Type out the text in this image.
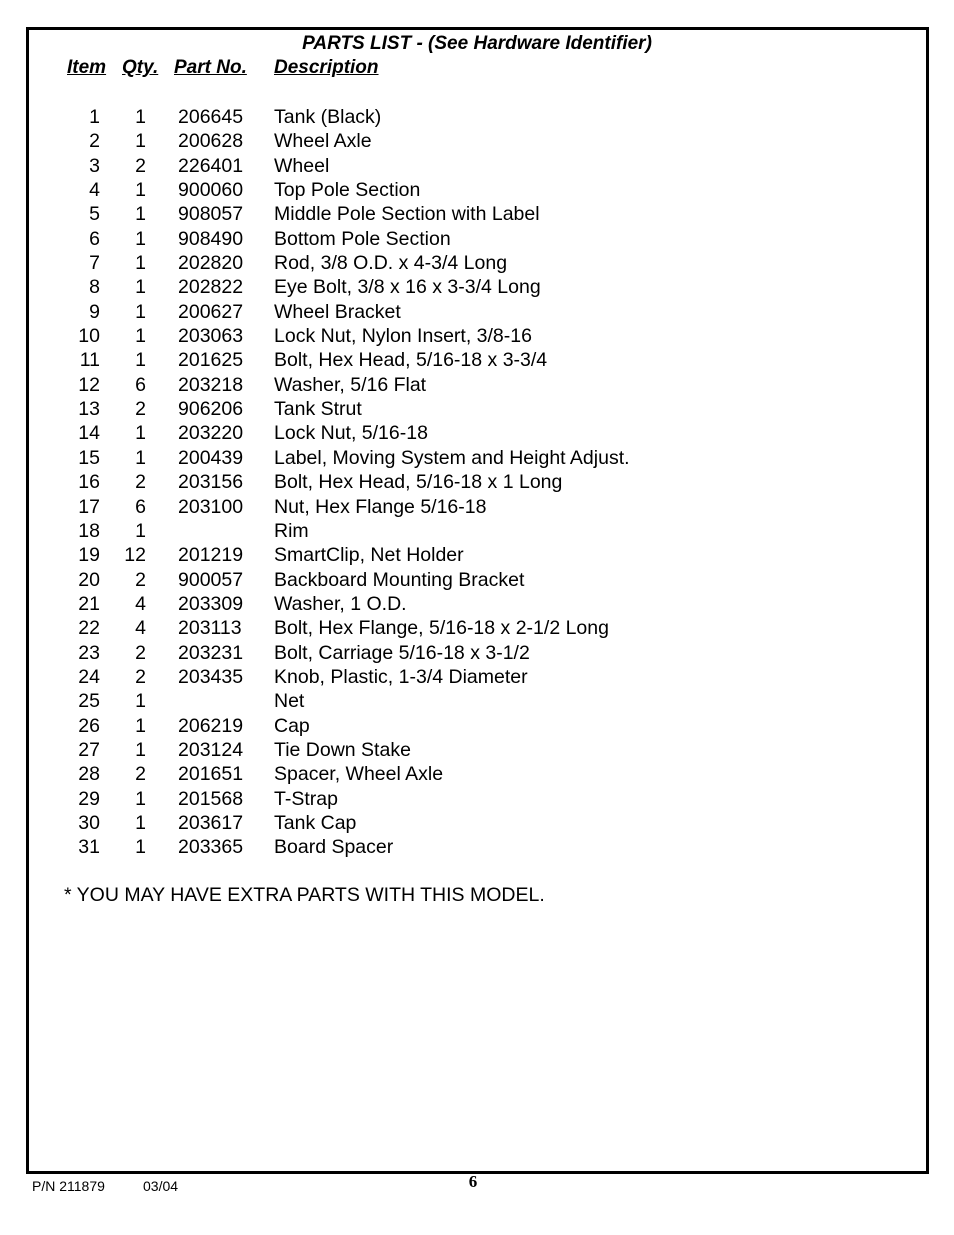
PARTS LIST - (See Hardware Identifier)
Item Qty. Part No. Description
1	1 206645	Tank (Black)
2	1 200628	Wheel Axle
3	2 226401	Wheel
4	1 900060	Top Pole Section
5	1 908057	Middle Pole Section with Label
6	1 908490	Bottom Pole Section
7	1 202820	Rod, 3/8 O.D. x 4-3/4 Long
8	1 202822	Eye Bolt, 3/8 x 16 x 3-3/4 Long
9	1 200627	Wheel Bracket
10	1 203063	Lock Nut, Nylon Insert, 3/8-16
11	1 201625	Bolt, Hex Head, 5/16-18 x 3-3/4
12	6 203218	Washer, 5/16 Flat
13	2 906206	Tank Strut
14	1 203220	Lock Nut, 5/16-18
15	1 200439	Label, Moving System and Height Adjust.
16	2 203156	Bolt, Hex Head, 5/16-18 x 1 Long
17	6 203100	Nut, Hex Flange 5/16-18
18	1	Rim
19	12 201219	SmartClip, Net Holder
20	2 900057	Backboard Mounting Bracket
21	4 203309	Washer, 1 O.D.
22	4 203113	Bolt, Hex Flange, 5/16-18 x 2-1/2 Long
23	2 203231	Bolt, Carriage 5/16-18 x 3-1/2
24	2 203435	Knob, Plastic, 1-3/4 Diameter
25	1	Net
26	1 206219	Cap
27	1 203124	Tie Down Stake
28	2 201651	Spacer, Wheel Axle
29	1 201568	T-Strap
30	1 203617	Tank Cap
31	1 203365	Board Spacer
* YOU MAY HAVE EXTRA PARTS WITH THIS MODEL.
P/N 211879	03/04	6
